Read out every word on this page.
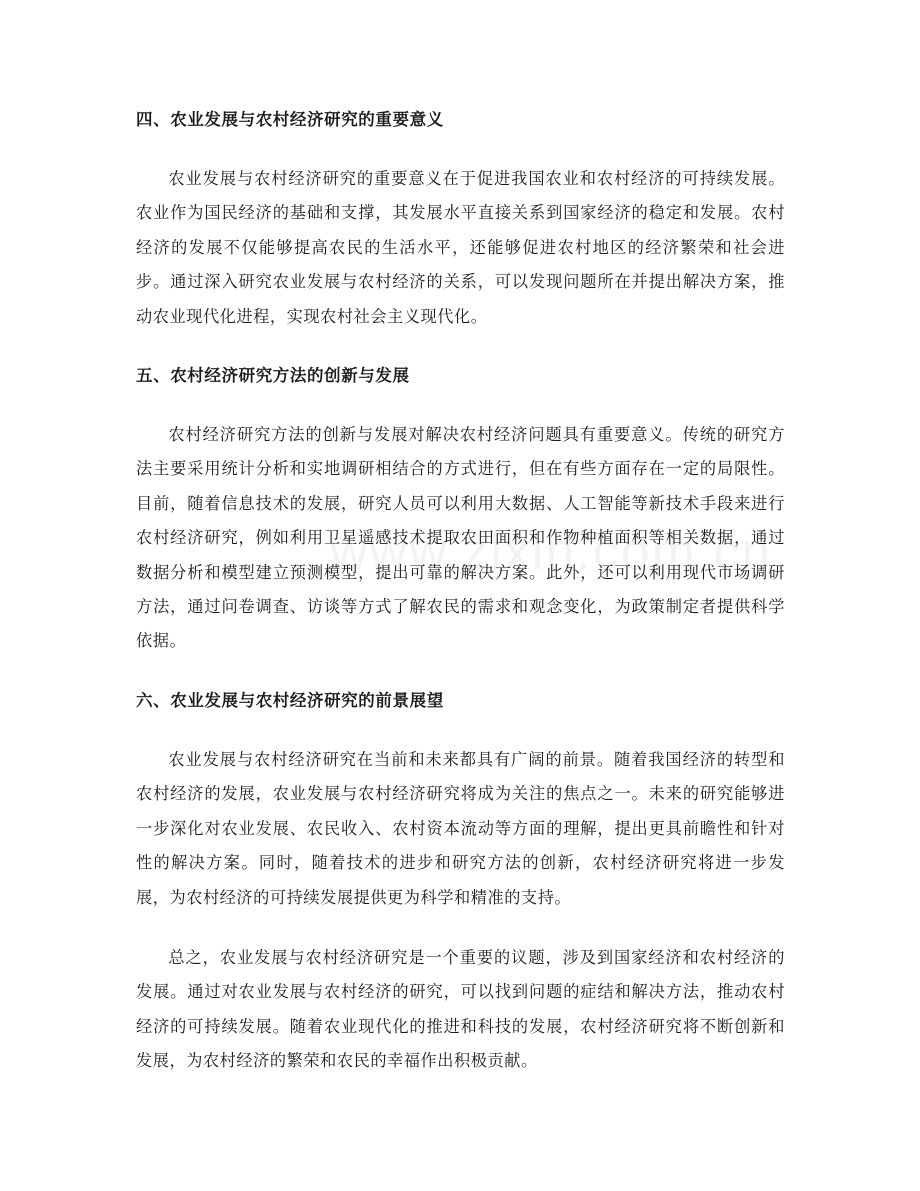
四、农业发展与农村经济研究的重要意义

农业发展与农村经济研究的重要意义在于促进我国农业和农村经济的可持续发展。农业作为国民经济的基础和支撑，其发展水平直接关系到国家经济的稳定和发展。农村经济的发展不仅能够提高农民的生活水平，还能够促进农村地区的经济繁荣和社会进步。通过深入研究农业发展与农村经济的关系，可以发现问题所在并提出解决方案，推动农业现代化进程，实现农村社会主义现代化。

五、农村经济研究方法的创新与发展

农村经济研究方法的创新与发展对解决农村经济问题具有重要意义。传统的研究方法主要采用统计分析和实地调研相结合的方式进行，但在有些方面存在一定的局限性。目前，随着信息技术的发展，研究人员可以利用大数据、人工智能等新技术手段来进行农村经济研究，例如利用卫星遥感技术提取农田面积和作物种植面积等相关数据，通过数据分析和模型建立预测模型，提出可靠的解决方案。此外，还可以利用现代市场调研方法，通过问卷调查、访谈等方式了解农民的需求和观念变化，为政策制定者提供科学依据。

六、农业发展与农村经济研究的前景展望

农业发展与农村经济研究在当前和未来都具有广阔的前景。随着我国经济的转型和农村经济的发展，农业发展与农村经济研究将成为关注的焦点之一。未来的研究能够进一步深化对农业发展、农民收入、农村资本流动等方面的理解，提出更具前瞻性和针对性的解决方案。同时，随着技术的进步和研究方法的创新，农村经济研究将进一步发展，为农村经济的可持续发展提供更为科学和精准的支持。

总之，农业发展与农村经济研究是一个重要的议题，涉及到国家经济和农村经济的发展。通过对农业发展与农村经济的研究，可以找到问题的症结和解决方法，推动农村经济的可持续发展。随着农业现代化的推进和科技的发展，农村经济研究将不断创新和发展，为农村经济的繁荣和农民的幸福作出积极贡献。
